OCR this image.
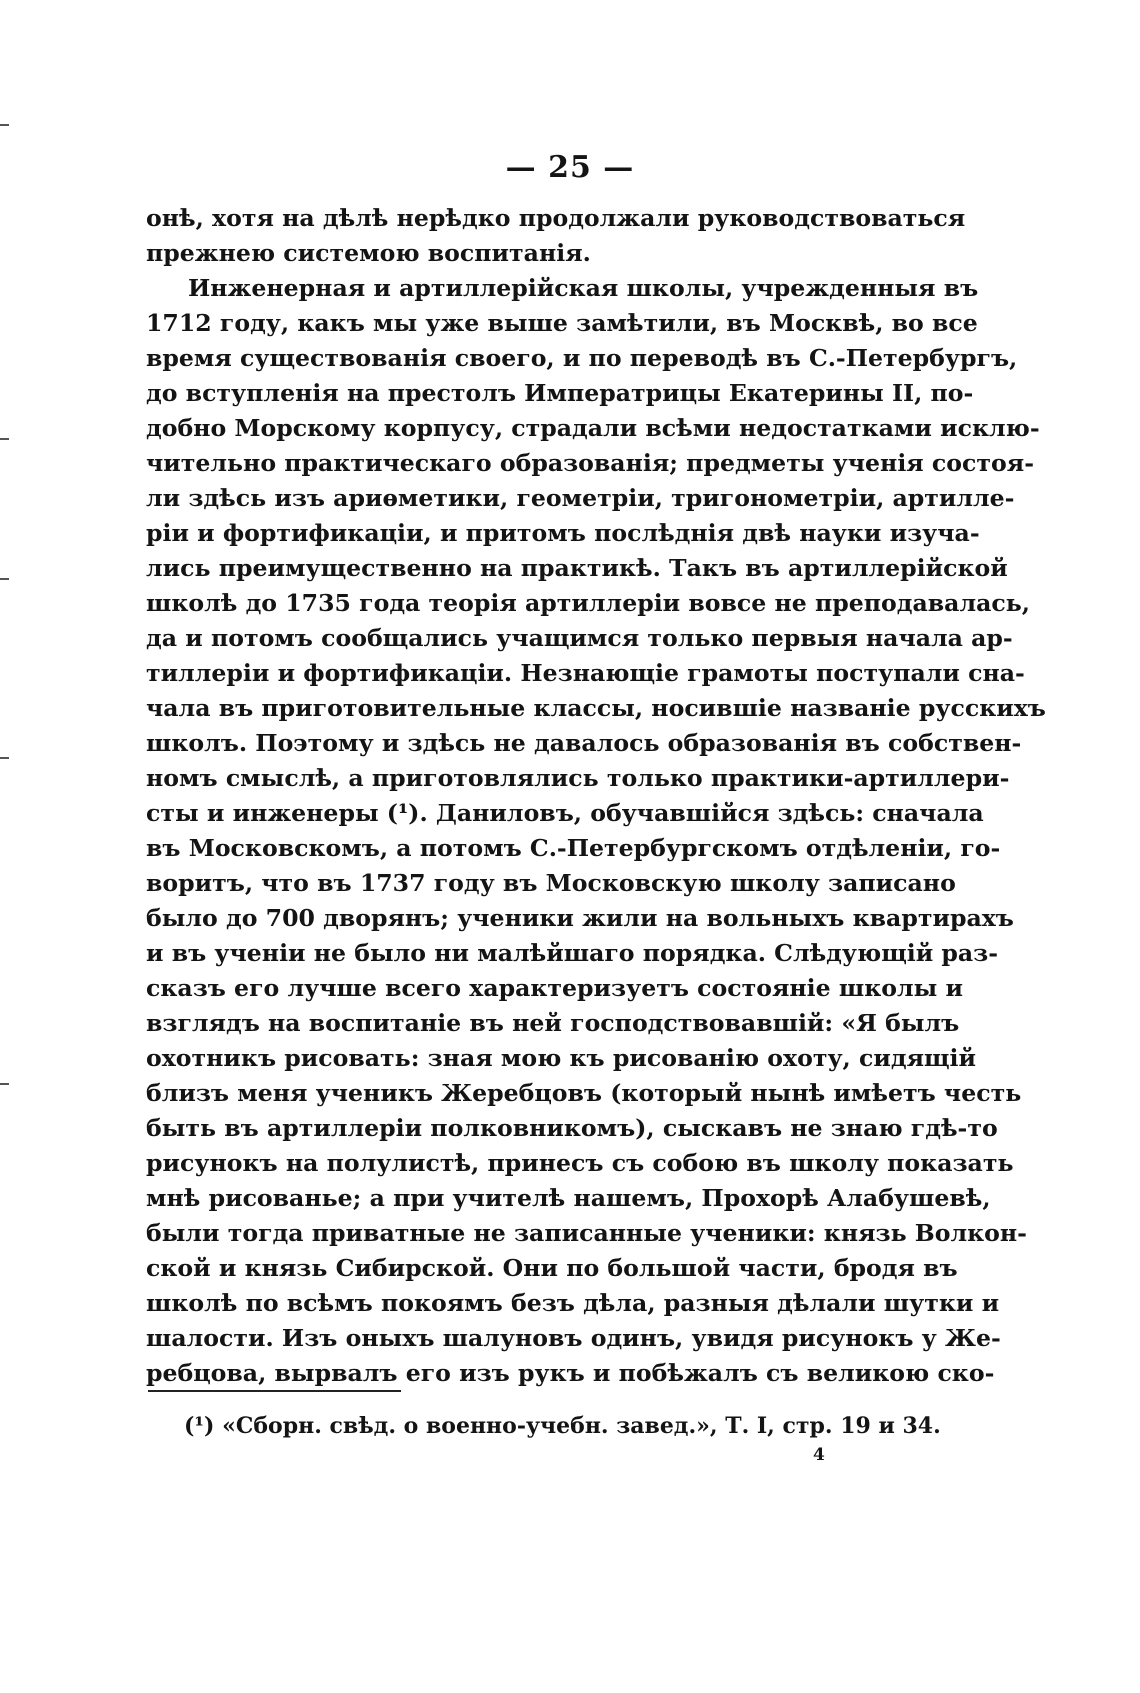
— 25 —
онѣ, хотя на дѣлѣ нерѣдко продолжали руководствоваться
прежнею системою воспитанія.
Инженерная и артиллерійская школы, учрежденныя въ
1712 году, какъ мы уже выше замѣтили, въ Москвѣ, во все
время существованія своего, и по переводѣ въ С.-Петербургъ,
до вступленія на престолъ Императрицы Екатерины II, по-
добно Морскому корпусу, страдали всѣми недостатками исклю-
чительно практическаго образованія; предметы ученія состоя-
ли здѣсь изъ ариѳметики, геометріи, тригонометріи, артилле-
ріи и фортификаціи, и притомъ послѣднія двѣ науки изуча-
лись преимущественно на практикѣ. Такъ въ артиллерійской
школѣ до 1735 года теорія артиллеріи вовсе не преподавалась,
да и потомъ сообщались учащимся только первыя начала ар-
тиллеріи и фортификаціи. Незнающіе грамоты поступали сна-
чала въ приготовительные классы, носившіе названіе русскихъ
школъ. Поэтому и здѣсь не давалось образованія въ собствен-
номъ смыслѣ, а приготовлялись только практики-артиллери-
сты и инженеры (¹). Даниловъ, обучавшійся здѣсь: сначала
въ Московскомъ, а потомъ С.-Петербургскомъ отдѣленіи, го-
воритъ, что въ 1737 году въ Московскую школу записано
было до 700 дворянъ; ученики жили на вольныхъ квартирахъ
и въ ученіи не было ни малѣйшаго порядка. Слѣдующій раз-
сказъ его лучше всего характеризуетъ состояніе школы и
взглядъ на воспитаніе въ ней господствовавшій: «Я былъ
охотникъ рисовать: зная мою къ рисованію охоту, сидящій
близъ меня ученикъ Жеребцовъ (который нынѣ имѣетъ честь
быть въ артиллеріи полковникомъ), сыскавъ не знаю гдѣ-то
рисунокъ на полулистѣ, принесъ съ собою въ школу показать
мнѣ рисованье; а при учителѣ нашемъ, Прохорѣ Алабушевѣ,
были тогда приватные не записанные ученики: князь Волкон-
ской и князь Сибирской. Они по большой части, бродя въ
школѣ по всѣмъ покоямъ безъ дѣла, разныя дѣлали шутки и
шалости. Изъ оныхъ шалуновъ одинъ, увидя рисунокъ у Же-
ребцова, вырвалъ его изъ рукъ и побѣжалъ съ великою ско-
(¹) «Сборн. свѣд. о военно-учебн. завед.», Т. I, стр. 19 и 34.
4
